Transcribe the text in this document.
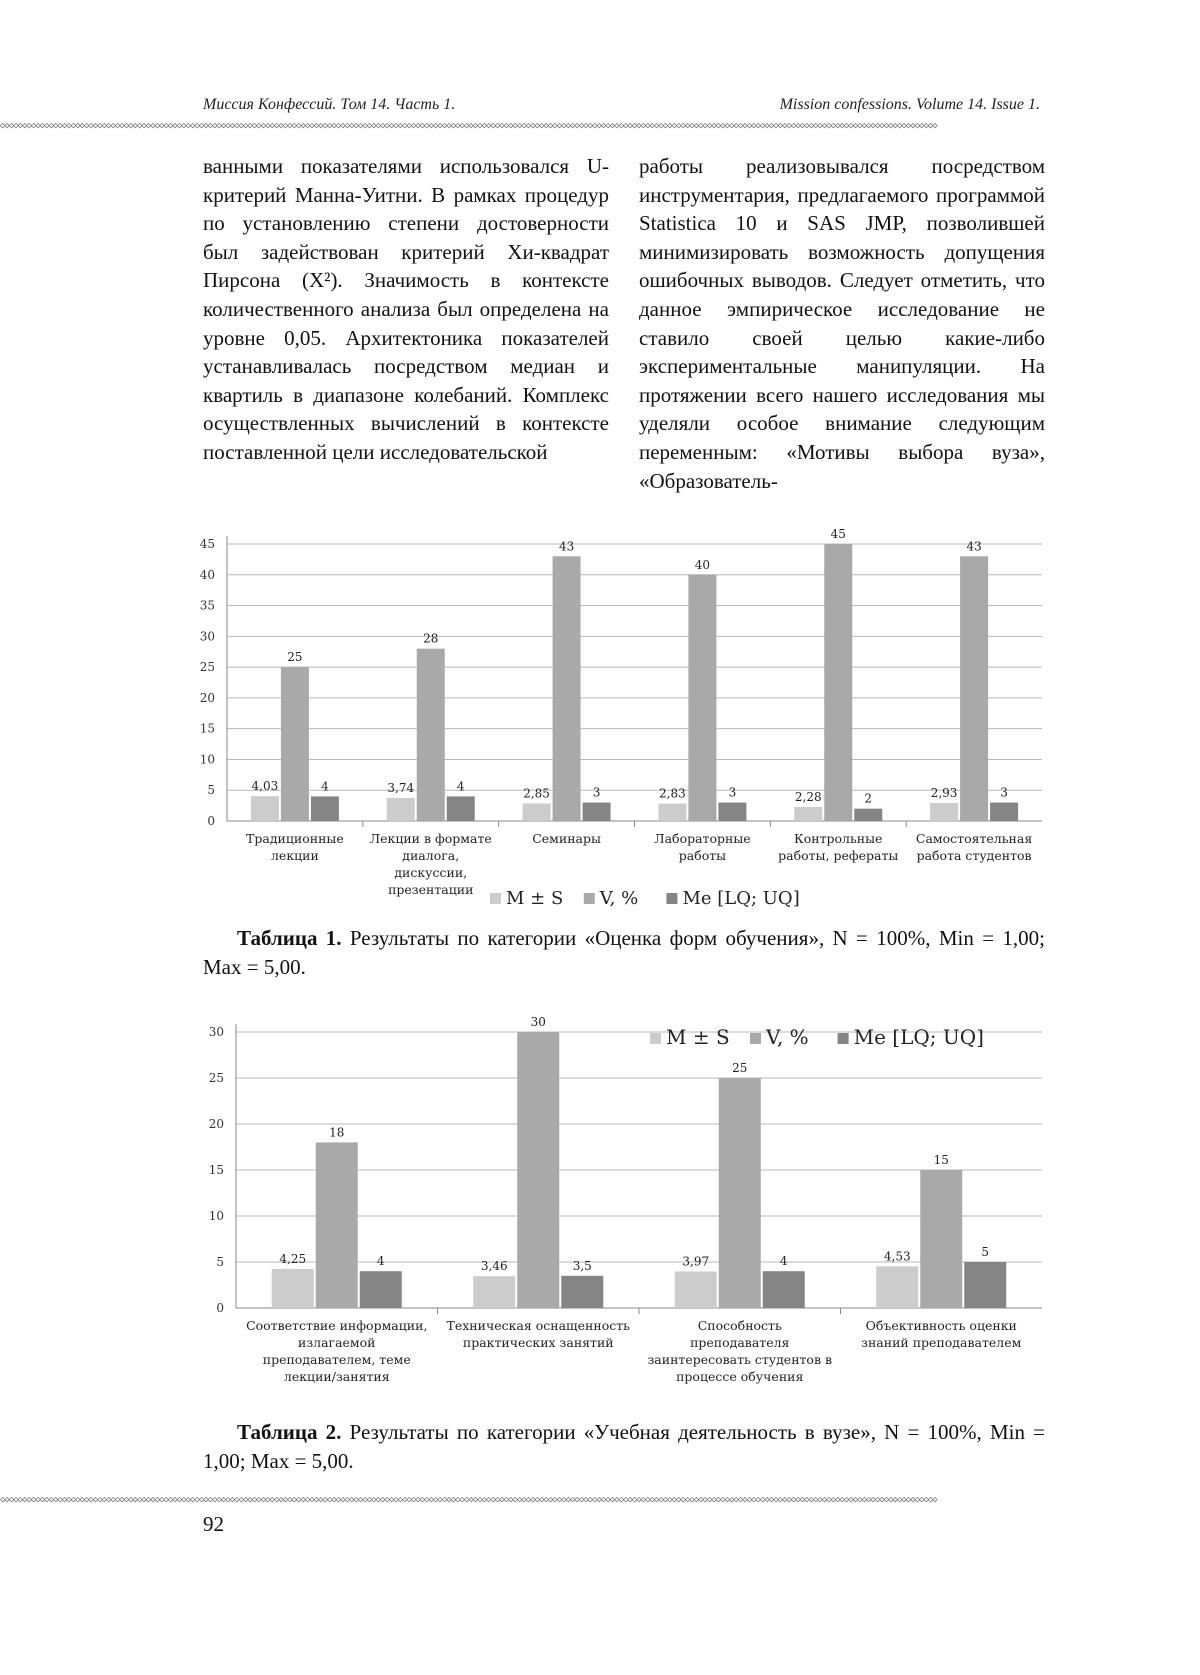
◇◇◇◇◇◇◇◇◇◇◇◇◇◇◇◇◇◇◇◇◇◇◇◇◇◇◇◇◇◇◇◇◇◇◇◇◇◇◇◇◇◇◇◇◇◇◇◇◇◇◇◇◇◇◇◇◇◇◇◇◇◇◇◇◇◇◇◇◇◇◇◇◇◇◇◇◇◇◇◇◇◇◇◇◇◇◇◇◇◇◇◇◇◇◇◇◇◇◇◇◇◇◇◇◇◇◇◇◇◇◇◇◇◇◇◇◇◇◇◇◇◇◇◇◇◇◇◇◇◇◇◇◇◇◇◇◇◇◇◇◇◇◇◇◇◇◇◇◇◇◇◇◇◇◇◇◇◇◇◇◇◇◇◇◇◇◇◇◇◇◇◇◇◇◇◇◇◇◇◇◇◇◇◇◇◇◇◇◇◇◇◇◇◇◇◇◇◇◇◇◇◇◇◇◇◇◇◇◇◇◇◇
Миссия Конфессий. Том 14. Часть 1.	Mission confessions. Volume 14. Issue 1.
ванными показателями использовался U-критерий Манна-Уитни. В рамках процедур по установлению степени достоверности был задействован критерий Хи-квадрат Пирсона (X²). Значимость в контексте количественного анализа был определена на уровне 0,05. Архитектоника показателей устанавливалась посредством медиан и квартиль в диапазоне колебаний. Комплекс осуществленных вычислений в контексте поставленной цели исследовательской
работы реализовывался посредством инструментария, предлагаемого программой Statistica 10 и SAS JMP, позволившей минимизировать возможность допущения ошибочных выводов. Следует отметить, что данное эмпирическое исследование не ставило своей целью какие-либо экспериментальные манипуляции. На протяжении всего нашего исследования мы уделяли особое внимание следующим переменным: «Мотивы выбора вуза», «Образователь-
0
5
10
15
20
25
30
35
40
45
4,03
25
4
Традиционные
лекции
3,74
28
4
Лекции в формате
диалога,
дискуссии,
презентации
2,85
43
3
Семинары
2,83
40
3
Лабораторные
работы
2,28
45
2
Контрольные
работы, рефераты
2,93
43
3
Самостоятельная
работа студентов
M ± S V, % Me [LQ; UQ]
Таблица 1. Результаты по категории «Оценка форм обучения», N = 100%, Min = 1,00; Max = 5,00.
0
5
10
15
20
25
30
4,25
18
4
Соответствие информации,
излагаемой
преподавателем, теме
лекции/занятия
3,46
30
3,5
Техническая оснащенность
практических занятий
3,97
25
4
Способность
преподавателя
заинтересовать студентов в
процессе обучения
4,53
15
5
Объективность оценки
знаний преподавателем
M ± S V, % Me [LQ; UQ]
Таблица 2. Результаты по категории «Учебная деятельность в вузе», N = 100%, Min = 1,00; Max = 5,00.
◇◇◇◇◇◇◇◇◇◇◇◇◇◇◇◇◇◇◇◇◇◇◇◇◇◇◇◇◇◇◇◇◇◇◇◇◇◇◇◇◇◇◇◇◇◇◇◇◇◇◇◇◇◇◇◇◇◇◇◇◇◇◇◇◇◇◇◇◇◇◇◇◇◇◇◇◇◇◇◇◇◇◇◇◇◇◇◇◇◇◇◇◇◇◇◇◇◇◇◇◇◇◇◇◇◇◇◇◇◇◇◇◇◇◇◇◇◇◇◇◇◇◇◇◇◇◇◇◇◇◇◇◇◇◇◇◇◇◇◇◇◇◇◇◇◇◇◇◇◇◇◇◇◇◇◇◇◇◇◇◇◇◇◇◇◇◇◇◇◇◇◇◇◇◇◇◇◇◇◇◇◇◇◇◇◇◇◇◇◇◇◇◇◇◇◇◇◇◇◇◇◇◇◇◇◇◇◇◇◇◇◇
92
